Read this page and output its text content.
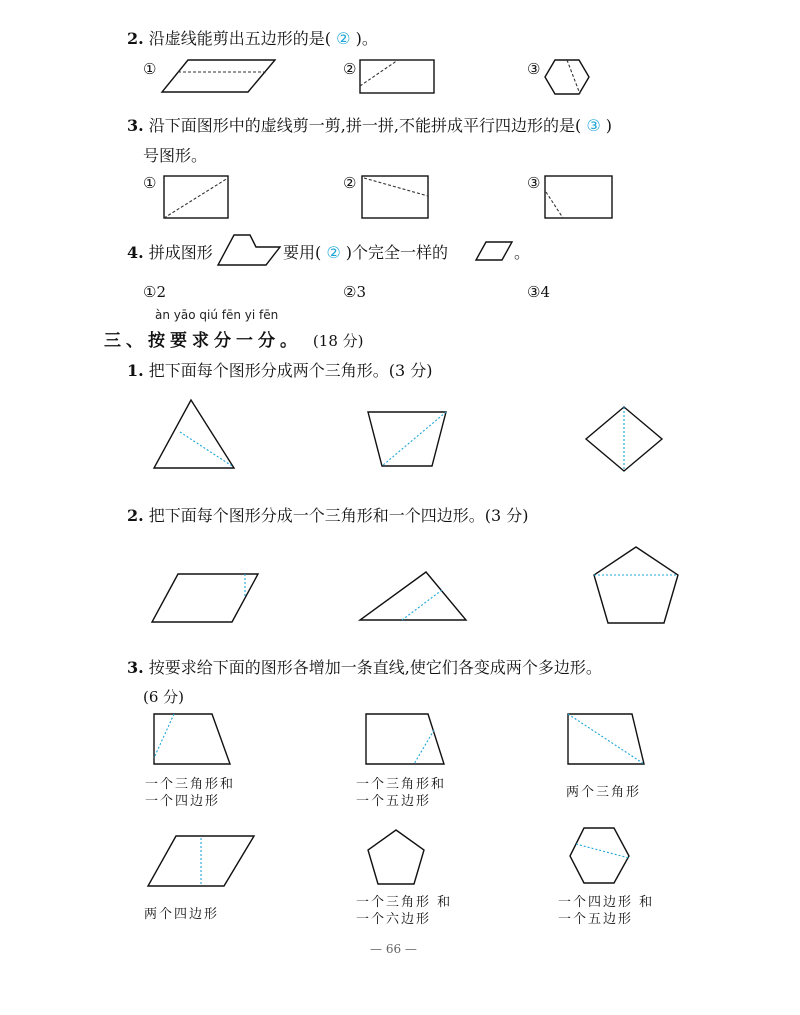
2. 沿虚线能剪出五边形的是( ② )。
①	②	③
3. 沿下面图形中的虚线剪一剪,拼一拼,不能拼成平行四边形的是( ③ )
号图形。
①	②	③
4. 拼成图形	要用( ② )个完全一样的	。
①2	②3	③4
àn yāo qiú fēn yi fēn
三、按要求分一分。 (18 分)
1. 把下面每个图形分成两个三角形。(3 分)
2. 把下面每个图形分成一个三角形和一个四边形。(3 分)
3. 按要求给下面的图形各增加一条直线,使它们各变成两个多边形。
(6 分)
一个三角形和 一个四边形
一个三角形和 一个五边形
两个三角形
两个四边形
一个三角形 和一个六边形
一个四边形 和一个五边形
— 66 —
